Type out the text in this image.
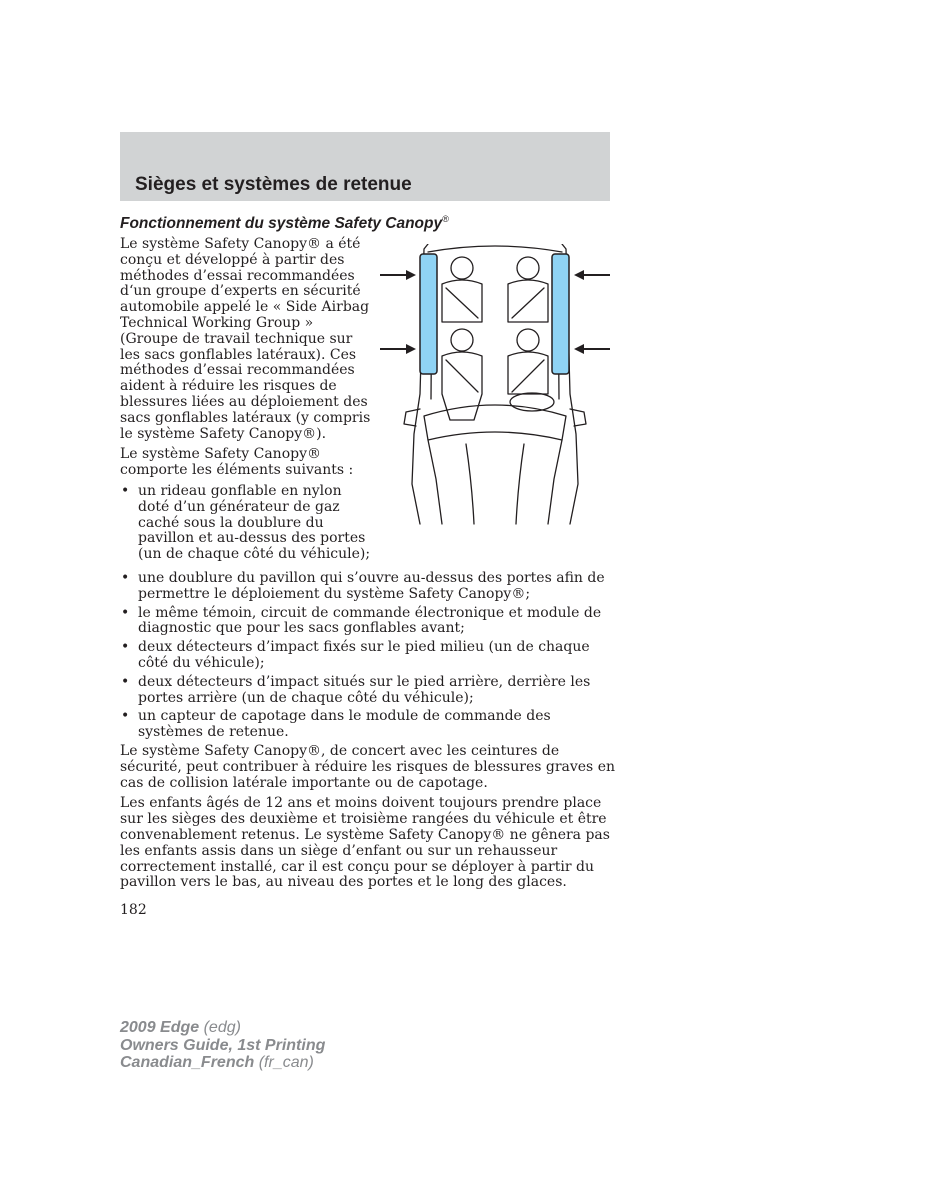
Sièges et systèmes de retenue
Fonctionnement du système Safety Canopy®

Le système Safety Canopy® a été conçu et développé à partir des méthodes d’essai recommandées d‘un groupe d’experts en sécurité automobile appelé le « Side Airbag Technical Working Group » (Groupe de travail technique sur les sacs gonflables latéraux). Ces méthodes d’essai recommandées aident à réduire les risques de blessures liées au déploiement des sacs gonflables latéraux (y compris le système Safety Canopy®).

Le système Safety Canopy® comporte les éléments suivants :

• un rideau gonflable en nylon doté d’un générateur de gaz caché sous la doublure du pavillon et au-dessus des portes (un de chaque côté du véhicule);
• une doublure du pavillon qui s’ouvre au-dessus des portes afin de permettre le déploiement du système Safety Canopy®;
• le même témoin, circuit de commande électronique et module de diagnostic que pour les sacs gonflables avant;
• deux détecteurs d’impact fixés sur le pied milieu (un de chaque côté du véhicule);
• deux détecteurs d’impact situés sur le pied arrière, derrière les portes arrière (un de chaque côté du véhicule);
• un capteur de capotage dans le module de commande des systèmes de retenue.

Le système Safety Canopy®, de concert avec les ceintures de sécurité, peut contribuer à réduire les risques de blessures graves en cas de collision latérale importante ou de capotage.

Les enfants âgés de 12 ans et moins doivent toujours prendre place sur les sièges des deuxième et troisième rangées du véhicule et être convenablement retenus. Le système Safety Canopy® ne gênera pas les enfants assis dans un siège d’enfant ou sur un rehausseur correctement installé, car il est conçu pour se déployer à partir du pavillon vers le bas, au niveau des portes et le long des glaces.

182
2009 Edge (edg)
Owners Guide, 1st Printing
Canadian_French (fr_can)
